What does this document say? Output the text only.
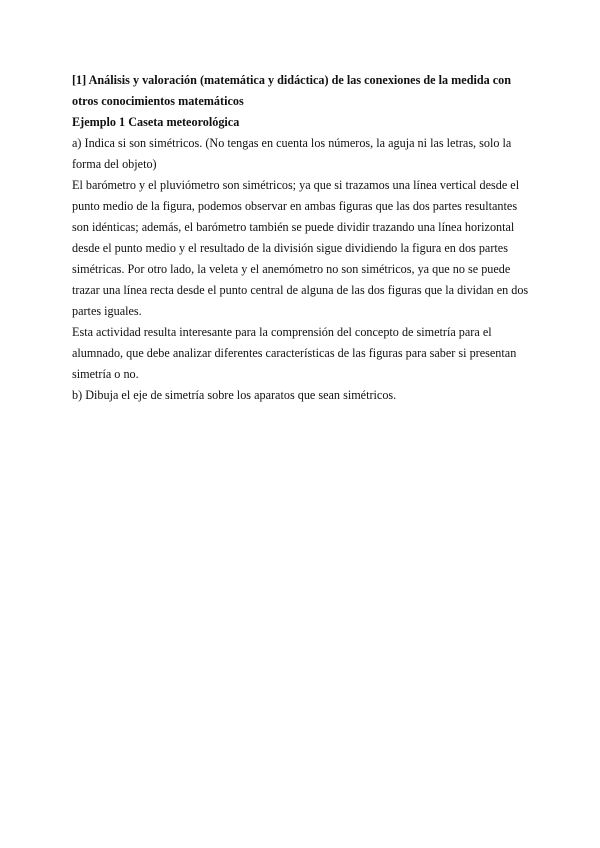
[1] Análisis y valoración (matemática y didáctica) de las conexiones de la medida con otros conocimientos matemáticos

Ejemplo 1 Caseta meteorológica

a) Indica si son simétricos. (No tengas en cuenta los números, la aguja ni las letras, solo la forma del objeto)

El barómetro y el pluviómetro son simétricos; ya que si trazamos una línea vertical desde el punto medio de la figura, podemos observar en ambas figuras que las dos partes resultantes son idénticas; además, el barómetro también se puede dividir trazando una línea horizontal desde el punto medio y el resultado de la división sigue dividiendo la figura en dos partes simétricas. Por otro lado, la veleta y el anemómetro no son simétricos, ya que no se puede trazar una línea recta desde el punto central de alguna de las dos figuras que la dividan en dos partes iguales.

Esta actividad resulta interesante para la comprensión del concepto de simetría para el alumnado, que debe analizar diferentes características de las figuras para saber si presentan simetría o no.

b) Dibuja el eje de simetría sobre los aparatos que sean simétricos.
